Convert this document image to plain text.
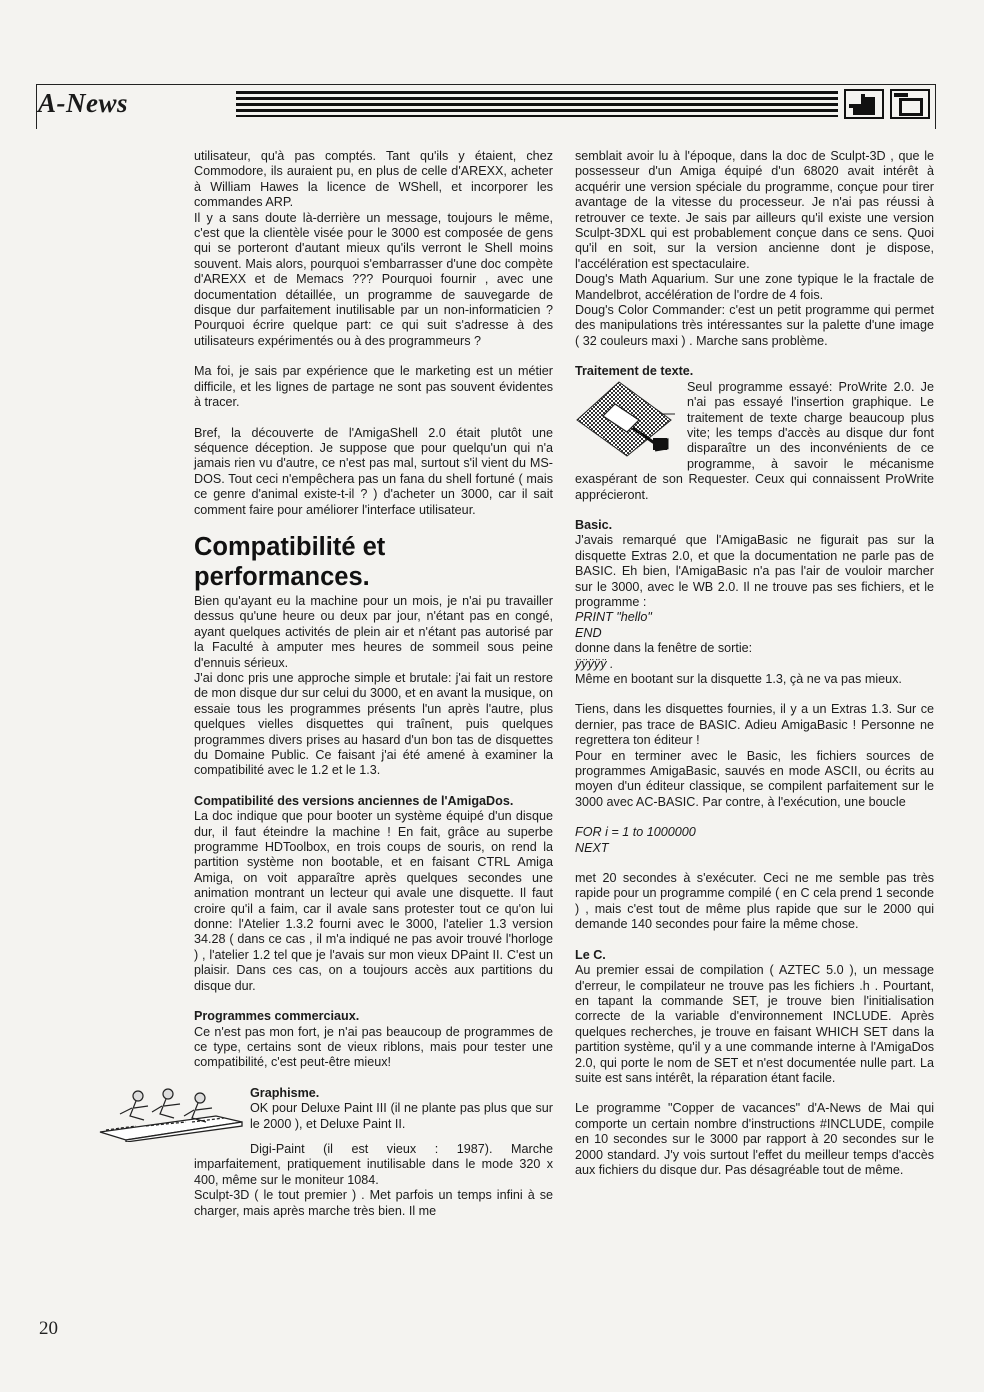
A-News

utilisateur, qu'à pas comptés. Tant qu'ils y étaient, chez Commodore, ils auraient pu, en plus de celle d'AREXX, acheter à William Hawes la licence de WShell, et incorporer les commandes ARP.

Il y a sans doute là-derrière un message, toujours le même, c'est que la clientèle visée pour le 3000 est composée de gens qui se porteront d'autant mieux qu'ils verront le Shell moins souvent. Mais alors, pourquoi s'embarrasser d'une doc compète d'AREXX et de Memacs ??? Pourquoi fournir , avec une documentation détaillée, un programme de sauvegarde de disque dur parfaitement inutilisable par un non-informaticien ? Pourquoi écrire quelque part: ce qui suit s'adresse à des utilisateurs expérimentés ou à des programmeurs ?

Ma foi, je sais par expérience que le marketing est un métier difficile, et les lignes de partage ne sont pas souvent évidentes à tracer.

Bref, la découverte de l'AmigaShell 2.0 était plutôt une séquence déception. Je suppose que pour quelqu'un qui n'a jamais rien vu d'autre, ce n'est pas mal, surtout s'il vient du MS-DOS. Tout ceci n'empêchera pas un fana du shell fortuné ( mais ce genre d'animal existe-t-il ? ) d'acheter un 3000, car il sait comment faire pour améliorer l'interface utilisateur.

Compatibilité et performances.

Bien qu'ayant eu la machine pour un mois, je n'ai pu travailler dessus qu'une heure ou deux par jour, n'étant pas en congé, ayant quelques activités de plein air et n'étant pas autorisé par la Faculté à amputer mes heures de sommeil sous peine d'ennuis sérieux.

J'ai donc pris une approche simple et brutale: j'ai fait un restore de mon disque dur sur celui du 3000, et en avant la musique, on essaie tous les programmes présents l'un après l'autre, plus quelques vielles disquettes qui traînent, puis quelques programmes divers prises au hasard d'un bon tas de disquettes du Domaine Public. Ce faisant j'ai été amené à examiner la compatibilité avec le 1.2 et le 1.3.

Compatibilité des versions anciennes de l'AmigaDos.

La doc indique que pour booter un système équipé d'un disque dur, il faut éteindre la machine ! En fait, grâce au superbe programme HDToolbox, en trois coups de souris, on rend la partition système non bootable, et en faisant CTRL Amiga Amiga, on voit apparaître après quelques secondes une animation montrant un lecteur qui avale une disquette. Il faut croire qu'il a faim, car il avale sans protester tout ce qu'on lui donne: l'Atelier 1.3.2 fourni avec le 3000, l'atelier 1.3 version 34.28 ( dans ce cas , il m'a indiqué ne pas avoir trouvé l'horloge ) , l'atelier 1.2 tel que je l'avais sur mon vieux DPaint II. C'est un plaisir. Dans ces cas, on a toujours accès aux partitions du disque dur.

Programmes commerciaux.

Ce n'est pas mon fort, je n'ai pas beaucoup de programmes de ce type, certains sont de vieux riblons, mais pour tester une compatibilité, c'est peut-être mieux!

Graphisme.

OK pour Deluxe Paint III (il ne plante pas plus que sur le 2000 ), et Deluxe Paint II.

Digi-Paint (il est vieux : 1987). Marche imparfaitement, pratiquement inutilisable dans le mode 320 x 400, même sur le moniteur 1084.

Sculpt-3D ( le tout premier ) . Met parfois un temps infini à se charger, mais après marche très bien. Il me

semblait avoir lu à l'époque, dans la doc de Sculpt-3D , que le possesseur d'un Amiga équipé d'un 68020 avait intérêt à acquérir une version spéciale du programme, conçue pour tirer avantage de la vitesse du processeur. Je n'ai pas réussi à retrouver ce texte. Je sais par ailleurs qu'il existe une version Sculpt-3DXL qui est probablement conçue dans ce sens. Quoi qu'il en soit, sur la version ancienne dont je dispose, l'accélération est spectaculaire.

Doug's Math Aquarium. Sur une zone typique le la fractale de Mandelbrot, accélération de l'ordre de 4 fois.

Doug's Color Commander: c'est un petit programme qui permet des manipulations très intéressantes sur la palette d'une image ( 32 couleurs maxi ) . Marche sans problème.

Traitement de texte.

Seul programme essayé: ProWrite 2.0. Je n'ai pas essayé l'insertion graphique. Le traitement de texte charge beaucoup plus vite; les temps d'accès au disque dur font disparaître un des inconvénients de ce programme, à savoir le mécanisme exaspérant de son Requester. Ceux qui connaissent ProWrite apprécieront.

Basic.

J'avais remarqué que l'AmigaBasic ne figurait pas sur la disquette Extras 2.0, et que la documentation ne parle pas de BASIC. Eh bien, l'AmigaBasic n'a pas l'air de vouloir marcher sur le 3000, avec le WB 2.0. Il ne trouve pas ses fichiers, et le programme :

PRINT "hello"

END

donne dans la fenêtre de sortie:

ÿÿÿÿÿ .

Même en bootant sur la disquette 1.3, çà ne va pas mieux.

Tiens, dans les disquettes fournies, il y a un Extras 1.3. Sur ce dernier, pas trace de BASIC. Adieu AmigaBasic ! Personne ne regrettera ton éditeur !

Pour en terminer avec le Basic, les fichiers sources de programmes AmigaBasic, sauvés en mode ASCII, ou écrits au moyen d'un éditeur classique, se compilent parfaitement sur le 3000 avec AC-BASIC. Par contre, à l'exécution, une boucle

FOR i = 1 to 1000000

NEXT

met 20 secondes à s'exécuter. Ceci ne me semble pas très rapide pour un programme compilé ( en C cela prend 1 seconde ) , mais c'est tout de même plus rapide que sur le 2000 qui demande 140 secondes pour faire la même chose.

Le C.

Au premier essai de compilation ( AZTEC 5.0 ), un message d'erreur, le compilateur ne trouve pas les fichiers .h . Pourtant, en tapant la commande SET, je trouve bien l'initialisation correcte de la variable d'environnement INCLUDE. Après quelques recherches, je trouve en faisant WHICH SET dans la partition système, qu'il y a une commande interne à l'AmigaDos 2.0, qui porte le nom de SET et n'est documentée nulle part. La suite est sans intérêt, la réparation étant facile.

Le programme "Copper de vacances" d'A-News de Mai qui comporte un certain nombre d'instructions #INCLUDE, compile en 10 secondes sur le 3000 par rapport à 20 secondes sur le 2000 standard. J'y vois surtout l'effet du meilleur temps d'accès aux fichiers du disque dur. Pas désagréable tout de même.

20
